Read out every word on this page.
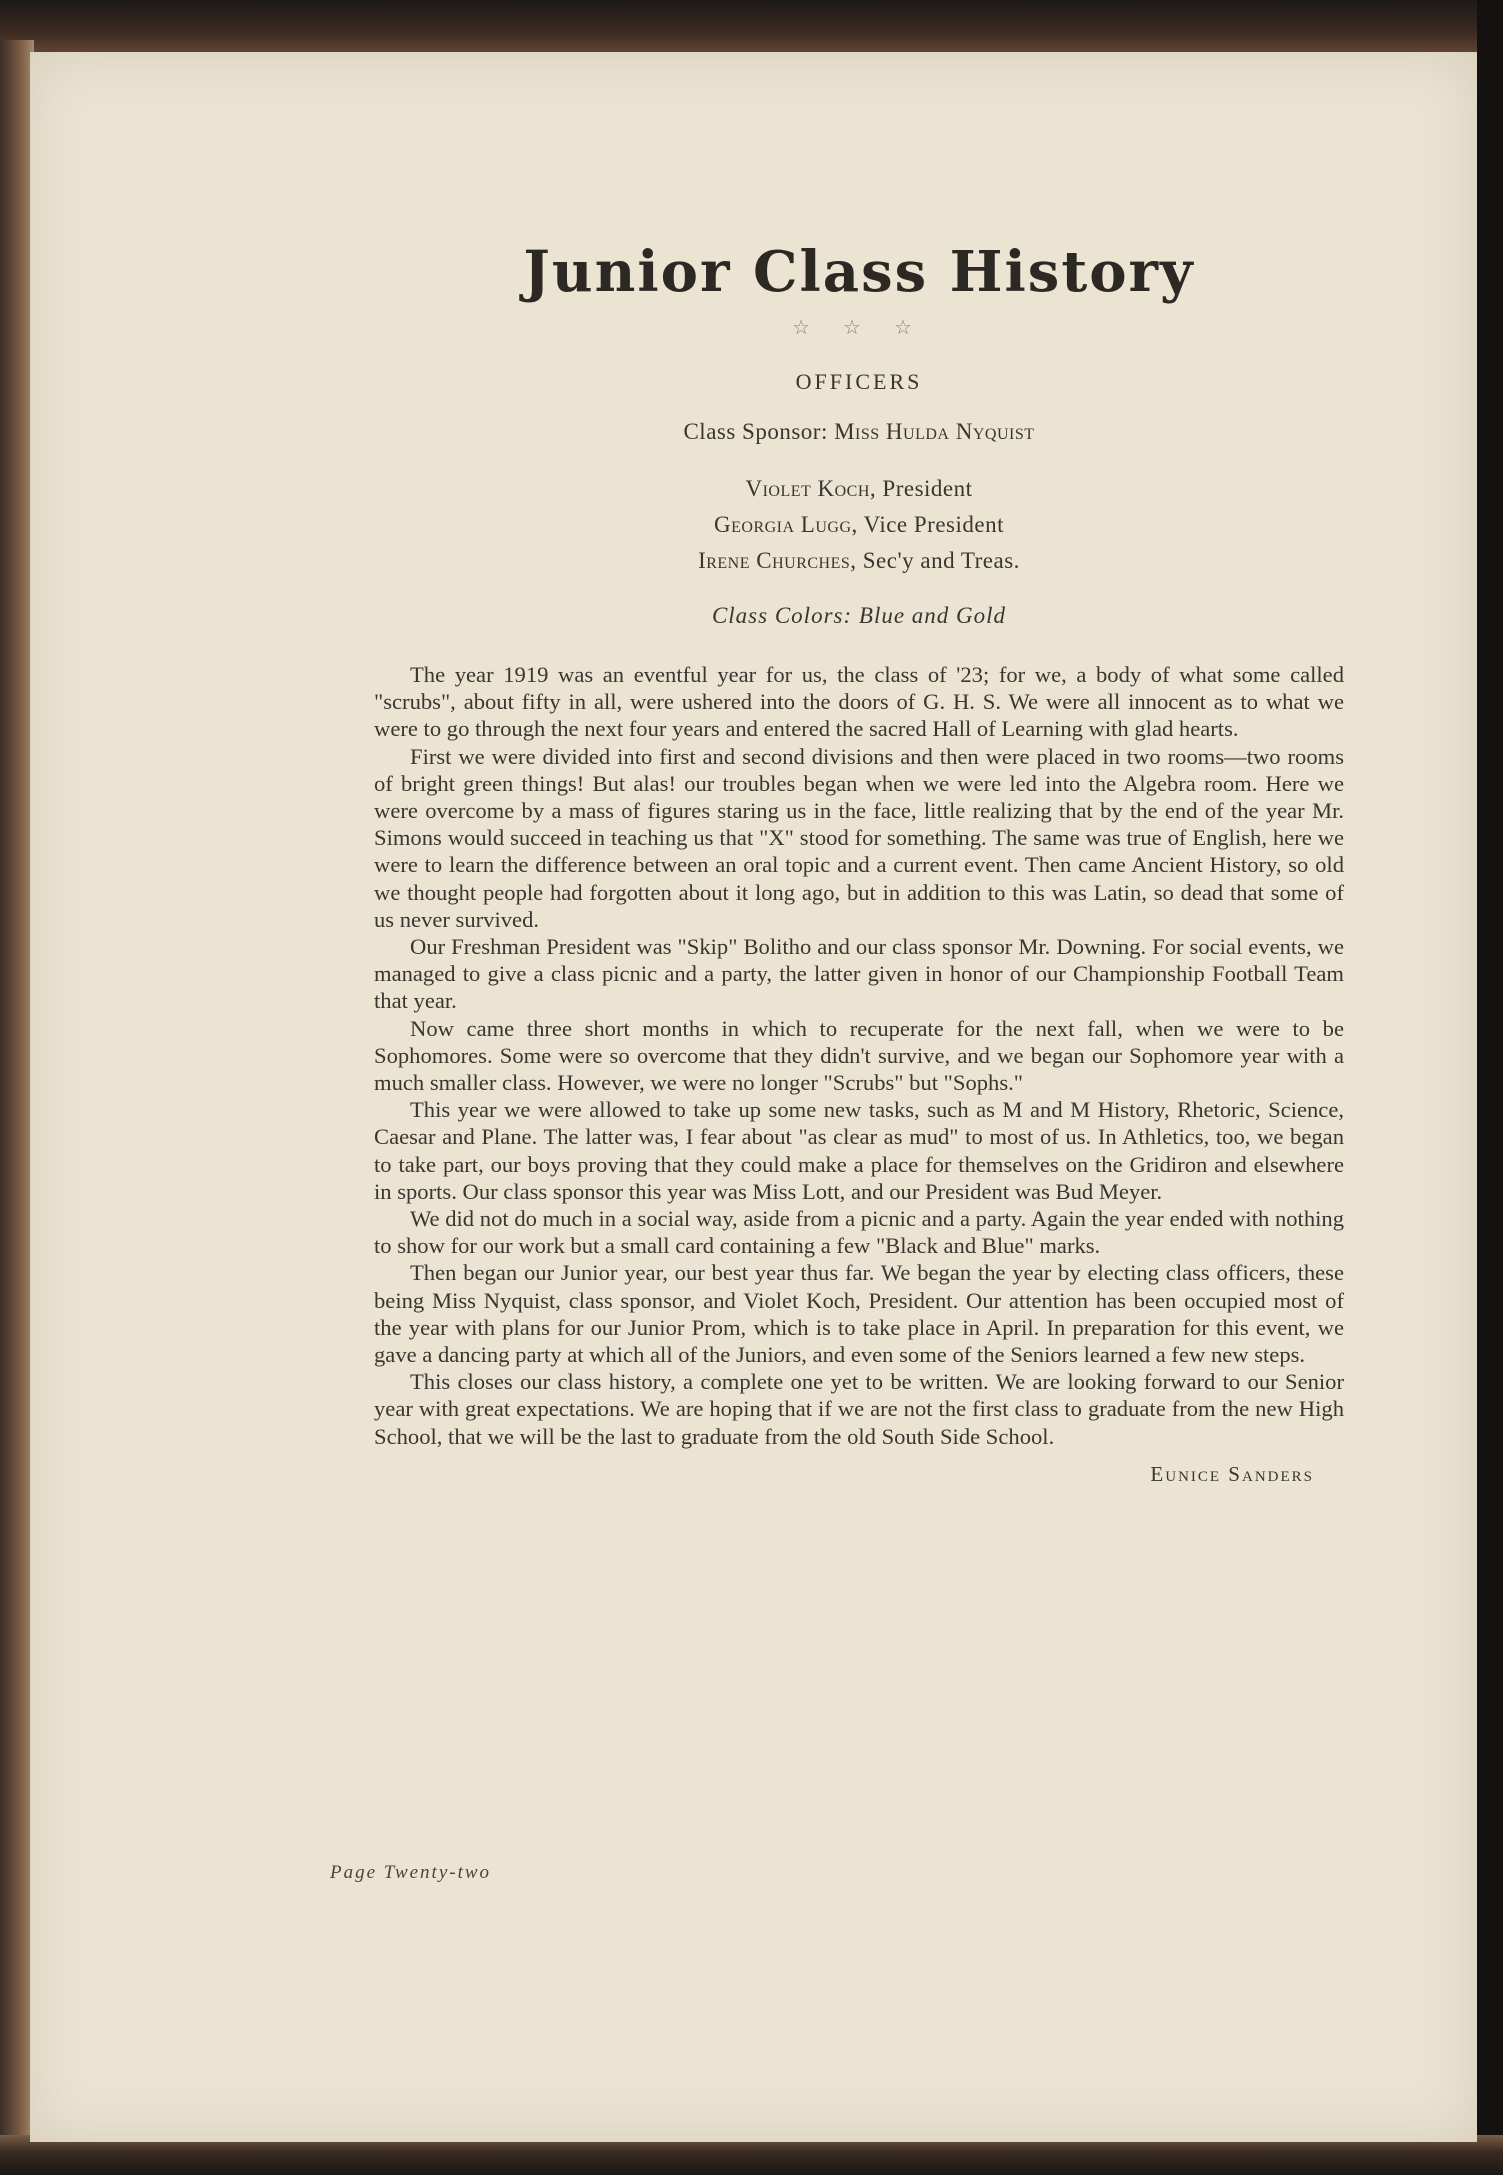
Junior Class History
☆ ☆ ☆
OFFICERS
Class Sponsor: Miss Hulda Nyquist
Violet Koch, President
Georgia Lugg, Vice President
Irene Churches, Sec'y and Treas.
Class Colors: Blue and Gold

The year 1919 was an eventful year for us, the class of '23; for we, a body of what some called "scrubs", about fifty in all, were ushered into the doors of G. H. S. We were all innocent as to what we were to go through the next four years and entered the sacred Hall of Learning with glad hearts.

First we were divided into first and second divisions and then were placed in two rooms—two rooms of bright green things! But alas! our troubles began when we were led into the Algebra room. Here we were overcome by a mass of figures staring us in the face, little realizing that by the end of the year Mr. Simons would succeed in teaching us that "X" stood for something. The same was true of English, here we were to learn the difference between an oral topic and a current event. Then came Ancient History, so old we thought people had forgotten about it long ago, but in addition to this was Latin, so dead that some of us never survived.

Our Freshman President was "Skip" Bolitho and our class sponsor Mr. Downing. For social events, we managed to give a class picnic and a party, the latter given in honor of our Championship Football Team that year.

Now came three short months in which to recuperate for the next fall, when we were to be Sophomores. Some were so overcome that they didn't survive, and we began our Sophomore year with a much smaller class. However, we were no longer "Scrubs" but "Sophs."

This year we were allowed to take up some new tasks, such as M and M History, Rhetoric, Science, Caesar and Plane. The latter was, I fear about "as clear as mud" to most of us. In Athletics, too, we began to take part, our boys proving that they could make a place for themselves on the Gridiron and elsewhere in sports. Our class sponsor this year was Miss Lott, and our President was Bud Meyer.

We did not do much in a social way, aside from a picnic and a party. Again the year ended with nothing to show for our work but a small card containing a few "Black and Blue" marks.

Then began our Junior year, our best year thus far. We began the year by electing class officers, these being Miss Nyquist, class sponsor, and Violet Koch, President. Our attention has been occupied most of the year with plans for our Junior Prom, which is to take place in April. In preparation for this event, we gave a dancing party at which all of the Juniors, and even some of the Seniors learned a few new steps.

This closes our class history, a complete one yet to be written. We are looking forward to our Senior year with great expectations. We are hoping that if we are not the first class to graduate from the new High School, that we will be the last to graduate from the old South Side School.

Eunice Sanders
Page Twenty-two
